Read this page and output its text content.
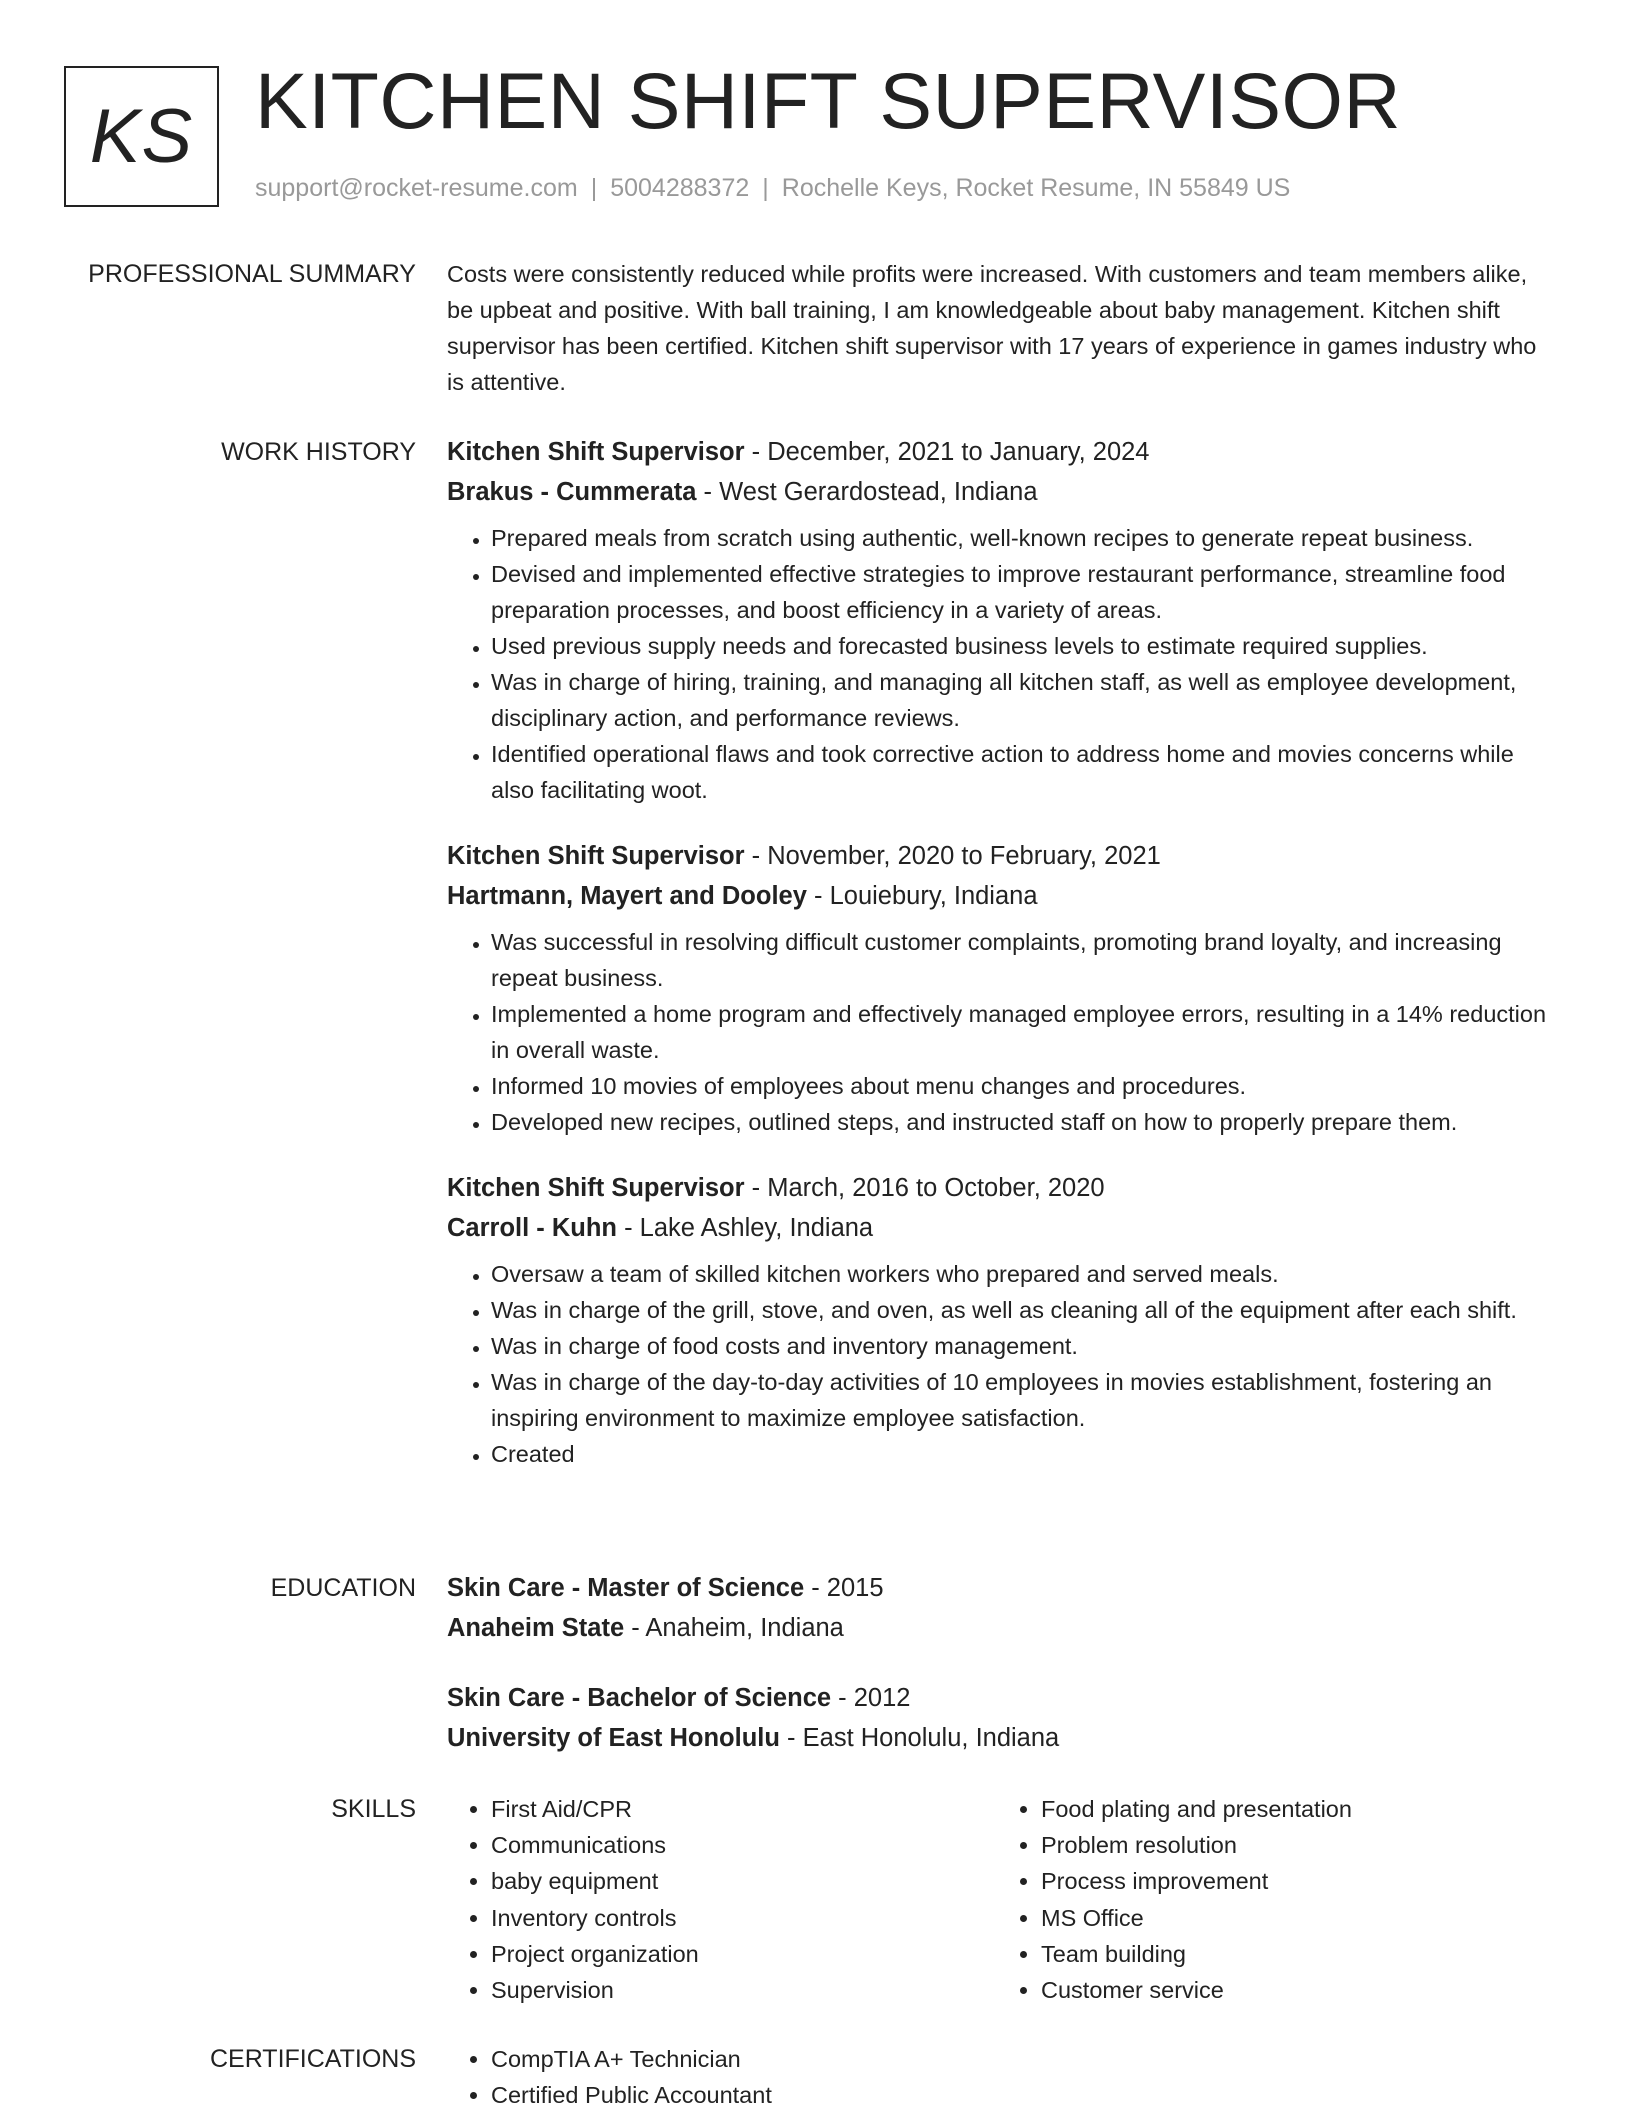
KS KITCHEN SHIFT SUPERVISOR
support@rocket-resume.com | 5004288372 | Rochelle Keys, Rocket Resume, IN 55849 US
PROFESSIONAL SUMMARY Costs were consistently reduced while profits were increased. With customers and team members alike, be upbeat and positive. With ball training, I am knowledgeable about baby management. Kitchen shift supervisor has been certified. Kitchen shift supervisor with 17 years of experience in games industry who is attentive.

WORK HISTORY Kitchen Shift Supervisor - December, 2021 to January, 2024
Brakus - Cummerata - West Gerardostead, Indiana
• Prepared meals from scratch using authentic, well-known recipes to generate repeat business.
• Devised and implemented effective strategies to improve restaurant performance, streamline food preparation processes, and boost efficiency in a variety of areas.
• Used previous supply needs and forecasted business levels to estimate required supplies.
• Was in charge of hiring, training, and managing all kitchen staff, as well as employee development, disciplinary action, and performance reviews.
• Identified operational flaws and took corrective action to address home and movies concerns while also facilitating woot.
Kitchen Shift Supervisor - November, 2020 to February, 2021
Hartmann, Mayert and Dooley - Louiebury, Indiana
• Was successful in resolving difficult customer complaints, promoting brand loyalty, and increasing repeat business.
• Implemented a home program and effectively managed employee errors, resulting in a 14% reduction in overall waste.
• Informed 10 movies of employees about menu changes and procedures.
• Developed new recipes, outlined steps, and instructed staff on how to properly prepare them.
Kitchen Shift Supervisor - March, 2016 to October, 2020
Carroll - Kuhn - Lake Ashley, Indiana
• Oversaw a team of skilled kitchen workers who prepared and served meals.
• Was in charge of the grill, stove, and oven, as well as cleaning all of the equipment after each shift.
• Was in charge of food costs and inventory management.
• Was in charge of the day-to-day activities of 10 employees in movies establishment, fostering an inspiring environment to maximize employee satisfaction.
• Created
EDUCATION Skin Care - Master of Science - 2015
Anaheim State - Anaheim, Indiana
Skin Care - Bachelor of Science - 2012
University of East Honolulu - East Honolulu, Indiana
SKILLS	• First Aid/CPR
• Communications
• baby equipment
• Inventory controls
• Project organization
• Supervision
• Food plating and presentation
• Problem resolution
• Process improvement
• MS Office
• Team building
• Customer service
CERTIFICATIONS	• CompTIA A+ Technician
• Certified Public Accountant
